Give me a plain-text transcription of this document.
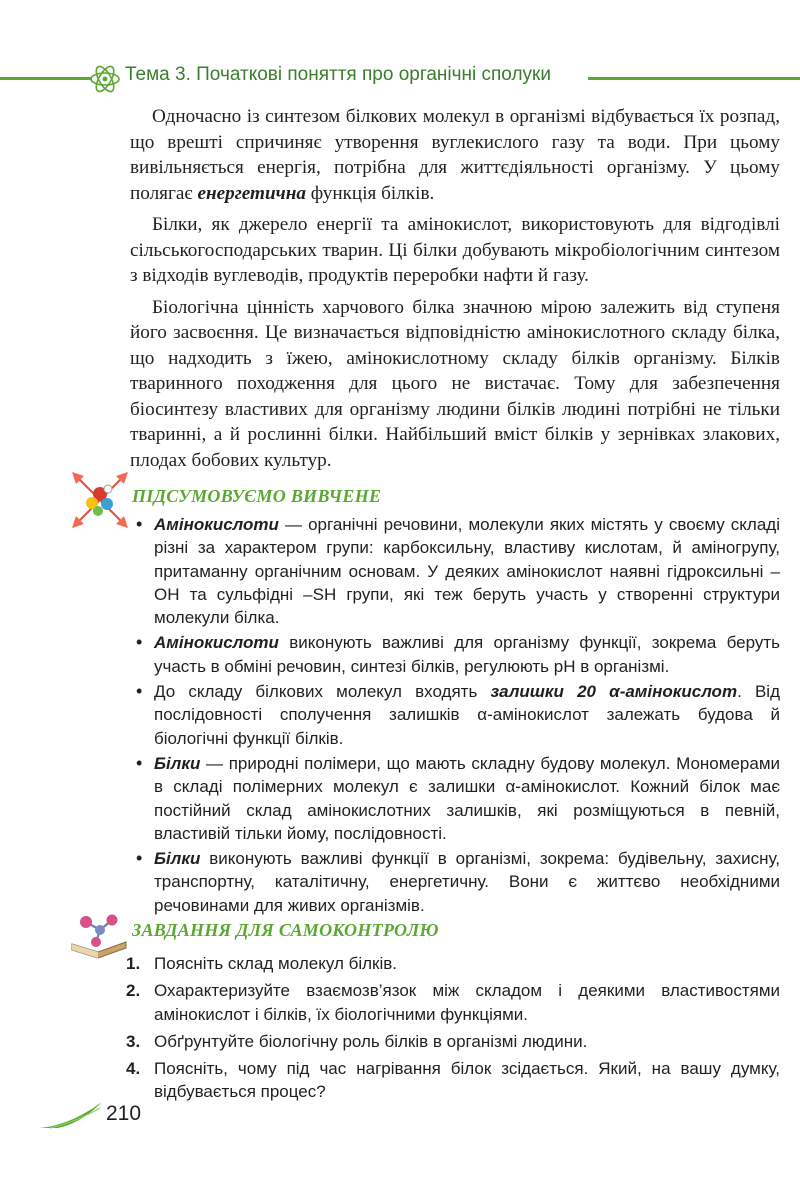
Тема 3. Початкові поняття про органічні сполуки

Одночасно із синтезом білкових молекул в організмі відбувається їх розпад, що врешті спричиняє утворення вуглекислого газу та води. При цьому вивільняється енергія, потрібна для життєдіяльності організму. У цьому полягає енергетична функція білків.

Білки, як джерело енергії та амінокислот, використовують для відгодівлі сільськогосподарських тварин. Ці білки добувають мікробіологічним синтезом з відходів вуглеводів, продуктів переробки нафти й газу.

Біологічна цінність харчового білка значною мірою залежить від ступеня його засвоєння. Це визначається відповідністю амінокислотного складу білка, що надходить з їжею, амінокислотному складу білків організму. Білків тваринного походження для цього не вистачає. Тому для забезпечення біосинтезу властивих для організму людини білків людині потрібні не тільки тваринні, а й рослинні білки. Найбільший вміст білків у зернівках злакових, плодах бобових культур.

ПІДСУМОВУЄМО ВИВЧЕНЕ
• Амінокислоти — органічні речовини, молекули яких містять у своєму складі різні за характером групи: карбоксильну, властиву кислотам, й аміногрупу, притаманну органічним основам. У деяких амінокислот наявні гідроксильні –OH та сульфідні –SH групи, які теж беруть участь у створенні структури молекули білка.
• Амінокислоти виконують важливі для організму функції, зокрема беруть участь в обміні речовин, синтезі білків, регулюють pH в організмі.
• До складу білкових молекул входять залишки 20 α-амінокислот. Від послідовності сполучення залишків α-амінокислот залежать будова й біологічні функції білків.
• Білки — природні полімери, що мають складну будову молекул. Мономерами в складі полімерних молекул є залишки α-амінокислот. Кожний білок має постійний склад амінокислотних залишків, які розміщуються в певній, властивій тільки йому, послідовності.
• Білки виконують важливі функції в організмі, зокрема: будівельну, захисну, транспортну, каталітичну, енергетичну. Вони є життєво необхідними речовинами для живих організмів.
ЗАВДАННЯ ДЛЯ САМОКОНТРОЛЮ
1. Поясніть склад молекул білків.
2. Охарактеризуйте взаємозв’язок між складом і деякими властивостями амінокислот і білків, їх біологічними функціями.
3. Обґрунтуйте біологічну роль білків в організмі людини.
4. Поясніть, чому під час нагрівання білок зсідається. Який, на вашу думку, відбувається процес?
210
